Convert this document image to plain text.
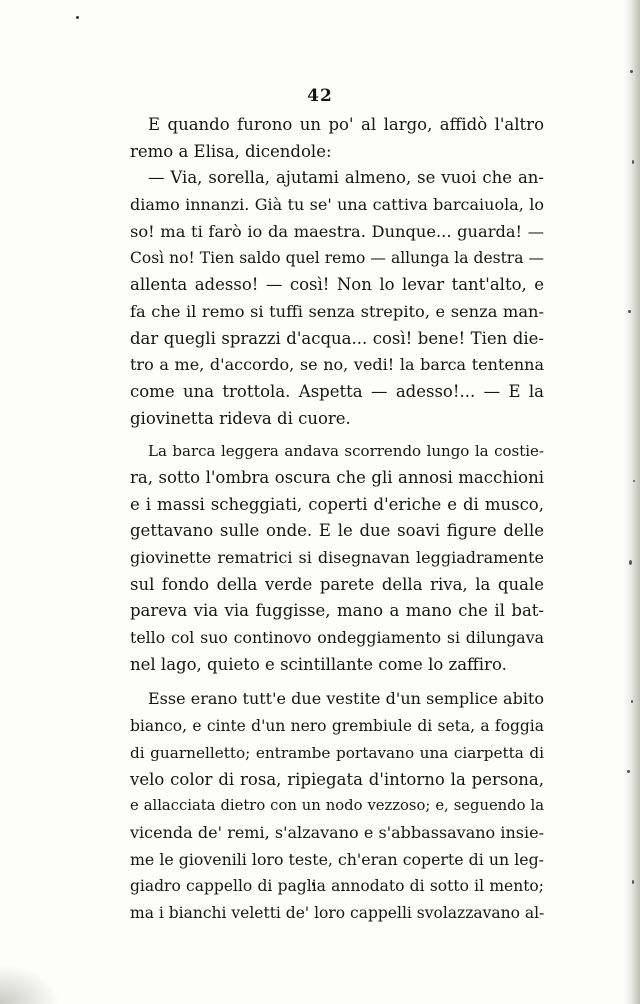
42
E quando furono un po' al largo, affidò l'altro
remo a Elisa, dicendole:
— Via, sorella, ajutami almeno, se vuoi che an-
diamo innanzi. Già tu se' una cattiva barcaiuola, lo
so! ma ti farò io da maestra. Dunque... guarda! —
Così no! Tien saldo quel remo — allunga la destra —
allenta adesso! — così! Non lo levar tant'alto, e
fa che il remo si tuffi senza strepito, e senza man-
dar quegli sprazzi d'acqua... così! bene! Tien die-
tro a me, d'accordo, se no, vedi! la barca tentenna
come una trottola. Aspetta — adesso!... — E la
giovinetta rideva di cuore.
La barca leggera andava scorrendo lungo la costie-
ra, sotto l'ombra oscura che gli annosi macchioni
e i massi scheggiati, coperti d'eriche e di musco,
gettavano sulle onde. E le due soavi figure delle
giovinette rematrici si disegnavan leggiadramente
sul fondo della verde parete della riva, la quale
pareva via via fuggisse, mano a mano che il bat-
tello col suo continovo ondeggiamento si dilungava
nel lago, quieto e scintillante come lo zaffiro.
Esse erano tutt'e due vestite d'un semplice abito
bianco, e cinte d'un nero grembiule di seta, a foggia
di guarnelletto; entrambe portavano una ciarpetta di
velo color di rosa, ripiegata d'intorno la persona,
e allacciata dietro con un nodo vezzoso; e, seguendo la
vicenda de' remi, s'alzavano e s'abbassavano insie-
me le giovenili loro teste, ch'eran coperte di un leg-
giadro cappello di paglia annodato di sotto il mento;
ma i bianchi veletti de' loro cappelli svolazzavano al-
